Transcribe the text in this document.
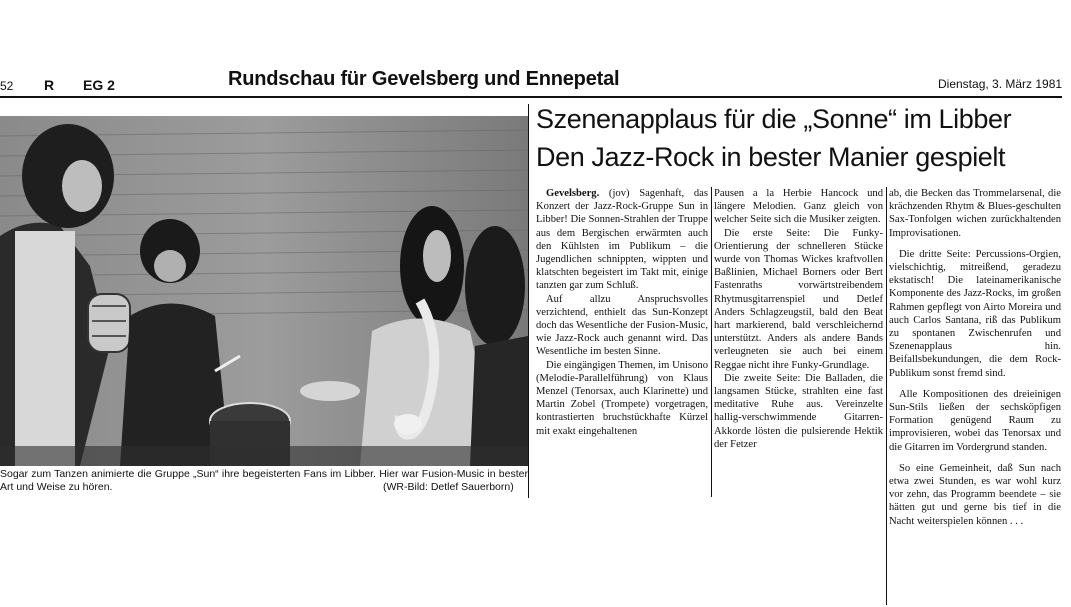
52 R EG 2	Rundschau für Gevelsberg und Ennepetal	Dienstag, 3. März 1981
Sogar zum Tanzen animierte die Gruppe „Sun“ ihre begeisterten Fans im Libber. Hier war Fusion-Music in bester Art und Weise zu hören.	(WR-Bild: Detlef Sauerborn)
Szenenapplaus für die „Sonne“ im Libber
Den Jazz-Rock in bester Manier gespielt

Gevelsberg. (jov) Sagenhaft, das Konzert der Jazz-Rock-Gruppe Sun in Libber! Die Sonnen-Strahlen der Truppe aus dem Bergischen erwärmten auch den Kühlsten im Publikum – die Jugendlichen schnippten, wippten und klatschten begeistert im Takt mit, einige tanzten gar zum Schluß.

Auf allzu Anspruchsvolles verzichtend, enthielt das Sun-Konzept doch das Wesentliche der Fusion-Music, wie Jazz-Rock auch genannt wird. Das Wesentliche im besten Sinne.

Die eingängigen Themen, im Unisono (Melodie-Parallelführung) von Klaus Menzel (Tenorsax, auch Klarinette) und Martin Zobel (Trompete) vorgetragen, kontrastierten bruchstückhafte Kürzel mit exakt eingehaltenen

Pausen a la Herbie Hancock und längere Melodien. Ganz gleich von welcher Seite sich die Musiker zeigten.

Die erste Seite: Die Funky-Orientierung der schnelleren Stücke wurde von Thomas Wickes kraftvollen Baßlinien, Michael Borners oder Bert Fastenraths vorwärtstreibendem Rhytmusgitarrenspiel und Detlef Anders Schlagzeugstil, bald den Beat hart markierend, bald verschleichernd unterstützt. Anders als andere Bands verleugneten sie auch bei einem Reggae nicht ihre Funky-Grundlage.

Die zweite Seite: Die Balladen, die langsamen Stücke, strahlten eine fast meditative Ruhe aus. Vereinzelte hallig-verschwimmende Gitarren-Akkorde lösten die pulsierende Hektik der Fetzer

ab, die Becken das Trommelarsenal, die krächzenden Rhytm & Blues-geschulten Sax-Tonfolgen wichen zurückhaltenden Improvisationen.

Die dritte Seite: Percussions-Orgien, vielschichtig, mitreißend, geradezu ekstatisch! Die lateinamerikanische Komponente des Jazz-Rocks, im großen Rahmen gepflegt von Airto Moreira und auch Carlos Santana, riß das Publikum zu spontanen Zwischenrufen und Szenenapplaus hin. Beifallsbekundungen, die dem Rock-Publikum sonst fremd sind.

Alle Kompositionen des dreieinigen Sun-Stils ließen der sechsköpfigen Formation genügend Raum zu improvisieren, wobei das Tenorsax und die Gitarren im Vordergrund standen.

So eine Gemeinheit, daß Sun nach etwa zwei Stunden, es war wohl kurz vor zehn, das Programm beendete – sie hätten gut und gerne bis tief in die Nacht weiterspielen können . . .
